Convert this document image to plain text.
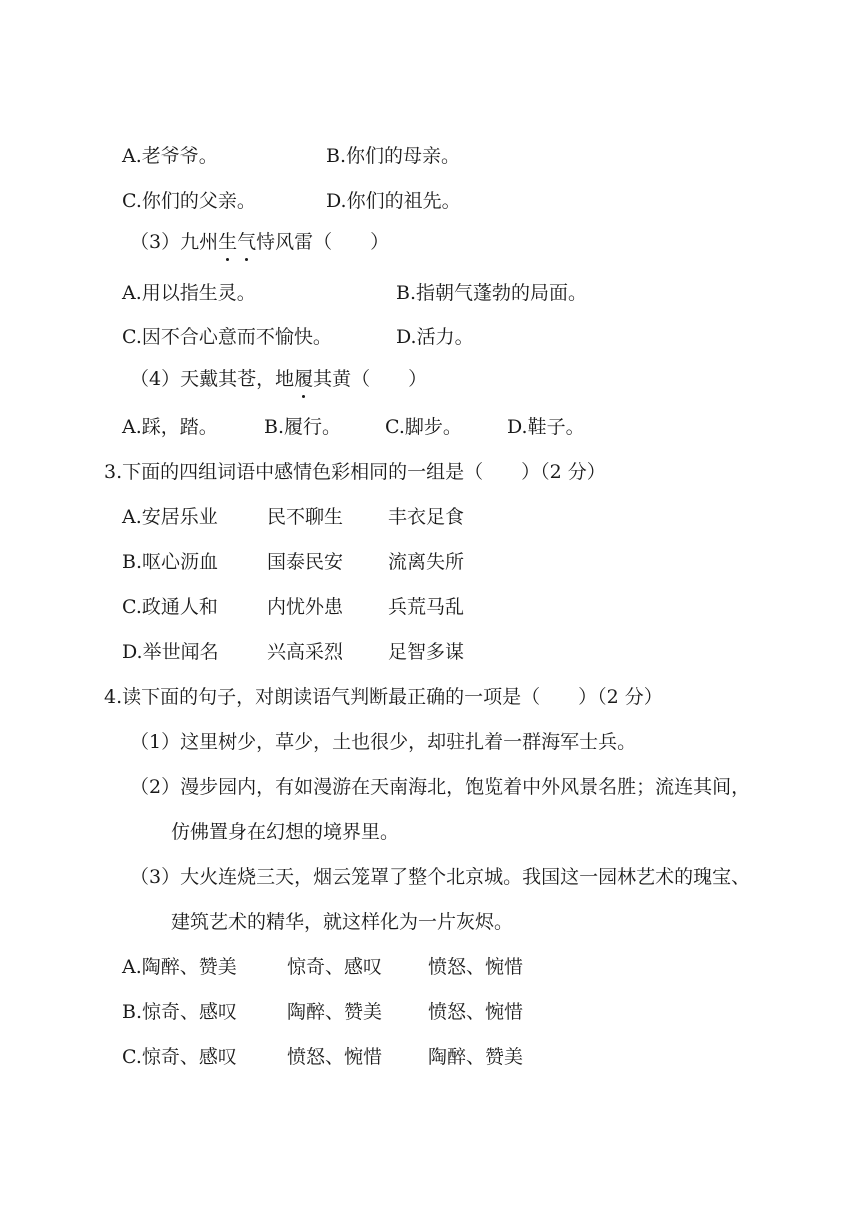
A.老爷爷。	B.你们的母亲。
C.你们的父亲。	D.你们的祖先。
（3）九州生气恃风雷（　　）
A.用以指生灵。	B.指朝气蓬勃的局面。
C.因不合心意而不愉快。	D.活力。
（4）天戴其苍，地履其黄（　　）
A.踩，踏。 B.履行。 C.脚步。 D.鞋子。
3.下面的四组词语中感情色彩相同的一组是（　　）（2 分）
A.安居乐业	民不聊生 丰衣足食
B.呕心沥血	国泰民安 流离失所
C.政通人和	内忧外患 兵荒马乱
D.举世闻名	兴高采烈 足智多谋
4.读下面的句子，对朗读语气判断最正确的一项是（　　）（2 分）
（1）这里树少，草少，土也很少，却驻扎着一群海军士兵。
（2）漫步园内，有如漫游在天南海北，饱览着中外风景名胜；流连其间，
仿佛置身在幻想的境界里。
（3）大火连烧三天，烟云笼罩了整个北京城。我国这一园林艺术的瑰宝、
建筑艺术的精华，就这样化为一片灰烬。
A.陶醉、赞美	惊奇、感叹 愤怒、惋惜
B.惊奇、感叹	陶醉、赞美 愤怒、惋惜
C.惊奇、感叹	愤怒、惋惜 陶醉、赞美
